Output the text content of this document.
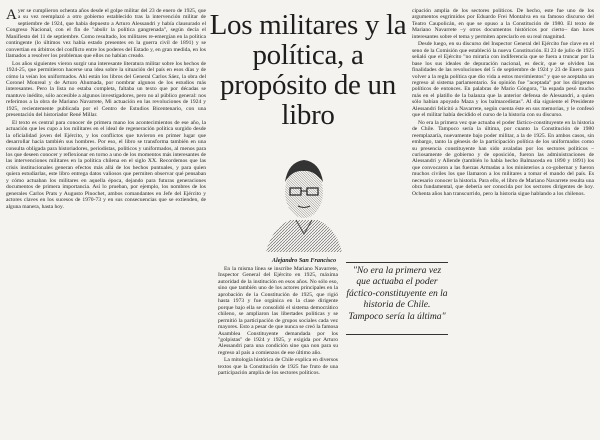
Ayer se cumplieron ochenta años desde el golpe militar del 23 de enero de 1925, que a su vez reemplazó a otro gobierno establecido tras la intervención militar de septiembre de 1924, que había depuesto a Arturo Alessandri y había clausurado el Congreso Nacional, con el fin de "abolir la política gangrenada", según decía el Manifiesto del 11 de septiembre. Como resultado, los militares re-emergían en la política contingente (lo últimos vez había estado presentes en la guerra civil de 1891) y se convertían en árbitros del conflicto entre los poderes del Estado y, en gran medida, en los llamados a resolver los problemas que ellos no habían creado.

Los años siguientes vieron surgir una interesante literatura militar sobre los hechos de 1924-25, que permitieron hacerse una idea sobre la situación del país en esos días y de cómo la veían los uniformados. Ahí están los libros del General Carlos Sáez, la obra del Coronel Monreal y de Arturo Ahumada, por nombrar algunos de los estudios más interesantes. Pero la lista no estaba completa, faltaba un texto que por décadas se mantuvo inédito, sólo accesible a algunos investigadores, pero no al público general: nos referimos a la obra de Mariano Navarrete, Mi actuación en las revoluciones de 1924 y 1925, recientemente publicada por el Centro de Estudios Bicentenario, con una presentación del historiador René Millar.

El texto es central para conocer de primera mano los acontecimientos de ese año, la actuación que les cupo a los militares en el ideal de regeneración política surgido desde la oficialidad joven del Ejército, y los conflictos que tuvieron en primer lugar que desarrollar hacia también sus hombres. Por eso, el libro se transforma también en una consulta obligada para historiadores, periodistas, políticos y uniformados, al menos para los que deseen conocer y reflexionar en torno a uno de los momentos más interesantes de las intervenciones militares en la política chilena en el siglo XX. Recordemos que las crisis institucionales generan efectos más allá de los hechos puntuales, y para quien quiera estudiarlas, este libro entrega datos valiosos que permiten observar qué pensaban y cómo actuaban los militares en aquella época, dejando para futuras generaciones documentos de primera importancia. Así lo prueban, por ejemplo, los nombres de los generales Carlos Prats y Augusto Pinochet, ambos comandantes en Jefe del Ejército y actores claves en los sucesos de 1970-73 y en sus consecuencias que se extienden, de alguna manera, hasta hoy.

Los militares y la política, a propósito de un libro
Alejandro San Francisco

En la misma línea se inscribe Mariano Navarrete, Inspector General del Ejército en 1925, máxima autoridad de la institución en esos años. No sólo eso, sino que también uno de los actores principales en la aprobación de la Constitución de 1925, que rigió hasta 1973 y fue orgánica en la clase dirigente porque bajo ella se consolidó el sistema democrático chileno, se ampliaron las libertades políticas y se permitió la participación de grupos sociales cada vez mayores. Esto a pesar de que nunca se creó la famosa Asamblea Constituyente demandada por los "golpistas" de 1924 y 1925, y exigida por Arturo Alessandri para una condición sine qua non para su regreso al país a comienzos de ese último año.

La mitología histórica de Chile explica en diversos textos que la Constitución de 1925 fue fruto de una participación amplia de los sectores políticos.

"No era la primera vez que actuaba el poder fáctico-constituyente en la historia de Chile. Tampoco sería la última"

cipación amplia de los sectores políticos. De hecho, este fue uno de los argumentos esgrimidos por Eduardo Frei Montalva en su famoso discurso del Teatro Caupolicán, en que se opuso a la Constitución de 1980. El texto de Mariano Navarrete –y otros documentos históricos por cierto– dan luces interesantes sobre el tema y permiten apreciarlo en su real magnitud.

Desde luego, en su discurso del Inspector General del Ejército fue clave en el seno de la Comisión que estableció la nueva Constitución. El 23 de julio de 1925 señaló que el Ejército "no miraría con indiferencia que se fuera a truncar por la base los sus ideales de depuración nacional, es decir, que se olviden las finalidades de las revoluciones del 5 de septiembre de 1924 y 23 de Enero para volver a la regla política que dio vida a estos movimientos" y que se aceptaba un regreso al sistema parlamentario. Su opinión fue "aceptada" por los dirigentes políticos de entonces. En palabras de Mario Góngora, "la espada pesó mucho más en el platillo de la balanza que la anterior defensa de Alessandri, a quien sólo habían apoyado Maza y los balmacedistas". Al día siguiente el Presidente Alessandri felicitó a Navarrete, según cuenta éste en sus memorias, y le confesó que el militar había decidido el curso de la historia con su discurso.

No era la primera vez que actuaba el poder fáctico-constituyente en la historia de Chile. Tampoco sería la última, por cuanto la Constitución de 1980 reemplazaría, nuevamente bajo poder militar, a la de 1925. En ambos casos, sin embargo, tanto la génesis de la participación política de los uniformados como su presencia constituyente han sido avaladas por los sectores políticos –curiosamente de gobierno y de oposición, fueron las administraciones de Alessandri y Allende (también lo había hecho Balmaceda en 1890 y 1891) los que convocaron a las fuerzas Armadas a los ministerios a co-gobernar y fueron muchos civiles los que llamaron a los militares a tomar el mando del país. Es necesario conocer la historia. Para ello, el libro de Mariano Navarrete resulta una obra fundamental, que debería ser conocida por los sectores dirigentes de hoy. Ochenta años han transcurrido, pero la historia sigue hablando a los chilenos.
